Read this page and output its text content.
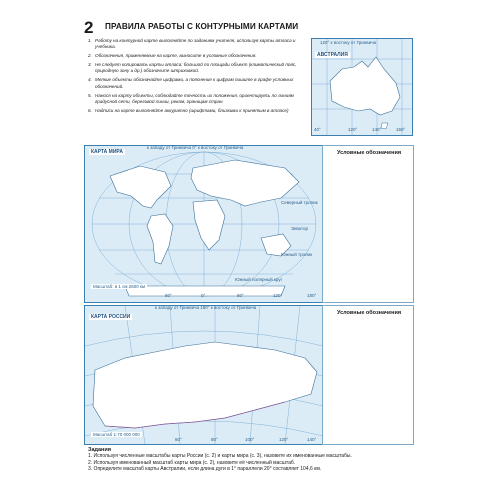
2 ПРАВИЛА РАБОТЫ С КОНТУРНЫМИ КАРТАМИ
1. Работу на контурной карте выполняйте по заданиям учителя, используя карты атласа и учебника.
2. Обозначения, применяемые на карте, выносите в условные обозначения.
3. Не следует копировать карты атласа: большой по площади объект (климатический пояс, природную зону и др.) обозначьте штриховкой.
4. Мелкие объекты обозначайте цифрами, а пояснения к цифрам пишите в графе условных обозначений.
5. Нанося на карту объекты, соблюдайте точность их положения, ориентируясь по линиям градусной сети, береговой линии, рекам, границам стран.
6. Надписи на карте выполняйте аккуратно (шрифтами, близкими к принятым в атласе)
АВСТРАЛИЯ
120° к востоку от Гринвича
40°	120°	140°	160°
КАРТА МИРА
к западу от Гринвича 0° к востоку от Гринвича
Северный тропик
Экватор
Южный тропик
Южный полярный круг
Масштаб: в 1 см 2600 км
60°	0°	60°	120°	180°
Условные обозначения
КАРТА РОССИИ
к западу от Гринвича 180° к востоку от Гринвича
Масштаб 1:70 000 000
60°	80°	100°	120°	140°
Условные обозначения
Задания
1. Используя численные масштабы карты России (с. 2) и карты мира (с. 3), назовите их именованные масштабы.
2. Используя именованный масштаб карты мира (с. 2), назовите её численный масштаб.
3. Определите масштаб карты Австралии, если длина дуги в 1° параллели 20° составляет 104,6 км.
